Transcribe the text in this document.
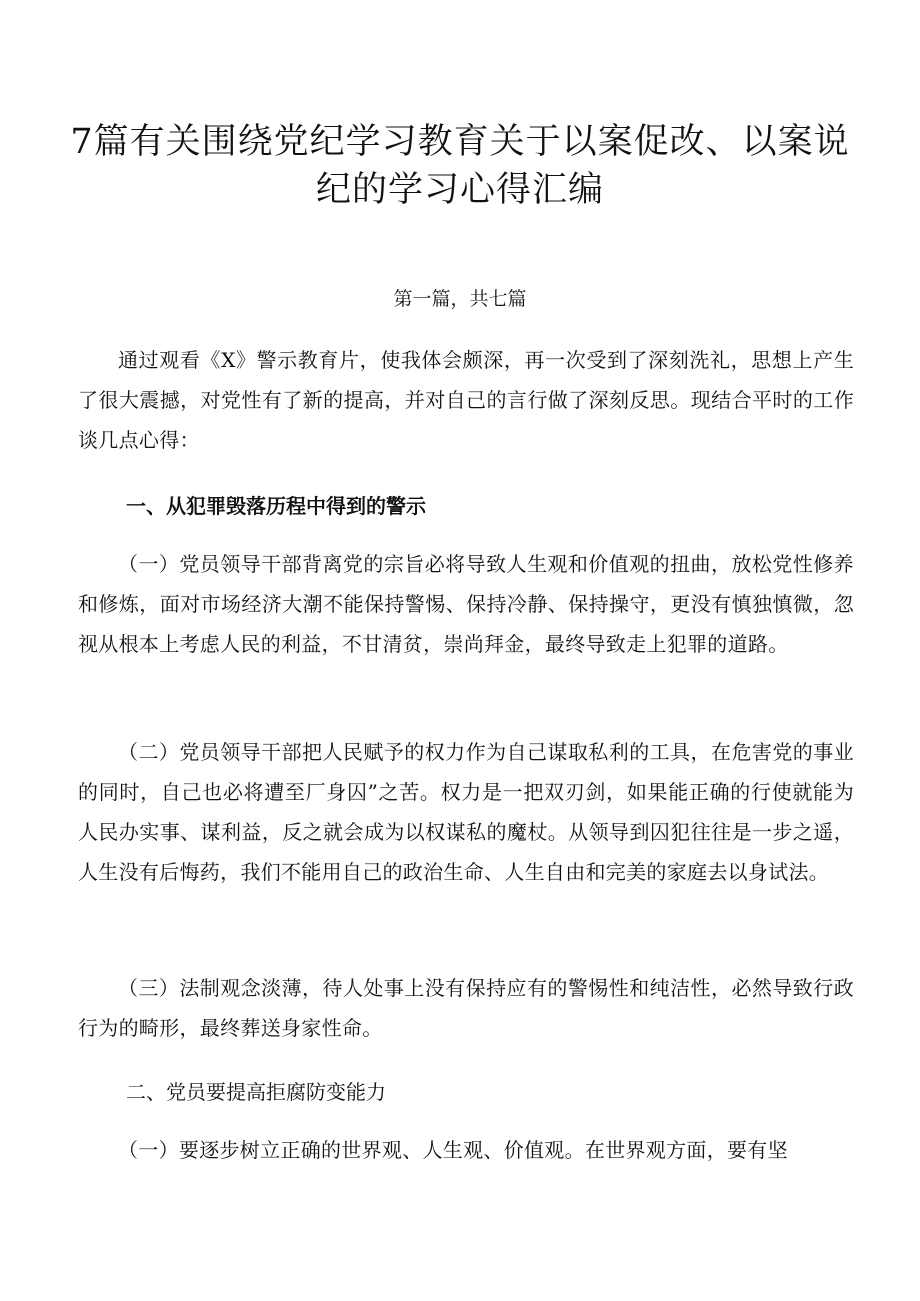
7篇有关围绕党纪学习教育关于以案促改、以案说纪的学习心得汇编
第一篇，共七篇

通过观看《X》警示教育片，使我体会颇深，再一次受到了深刻洗礼，思想上产生了很大震撼，对党性有了新的提高，并对自己的言行做了深刻反思。现结合平时的工作谈几点心得：

一、从犯罪毁落历程中得到的警示

（一）党员领导干部背离党的宗旨必将导致人生观和价值观的扭曲，放松党性修养和修炼，面对市场经济大潮不能保持警惕、保持冷静、保持操守，更没有慎独慎微，忽视从根本上考虑人民的利益，不甘清贫，崇尚拜金，最终导致走上犯罪的道路。

（二）党员领导干部把人民赋予的权力作为自己谋取私利的工具，在危害党的事业的同时，自己也必将遭至厂身囚”之苦。权力是一把双刃剑，如果能正确的行使就能为人民办实事、谋利益，反之就会成为以权谋私的魔杖。从领导到囚犯往往是一步之遥，人生没有后悔药，我们不能用自己的政治生命、人生自由和完美的家庭去以身试法。

（三）法制观念淡薄，待人处事上没有保持应有的警惕性和纯洁性，必然导致行政行为的畸形，最终葬送身家性命。

二、党员要提高拒腐防变能力

（一）要逐步树立正确的世界观、人生观、价值观。在世界观方面，要有坚
